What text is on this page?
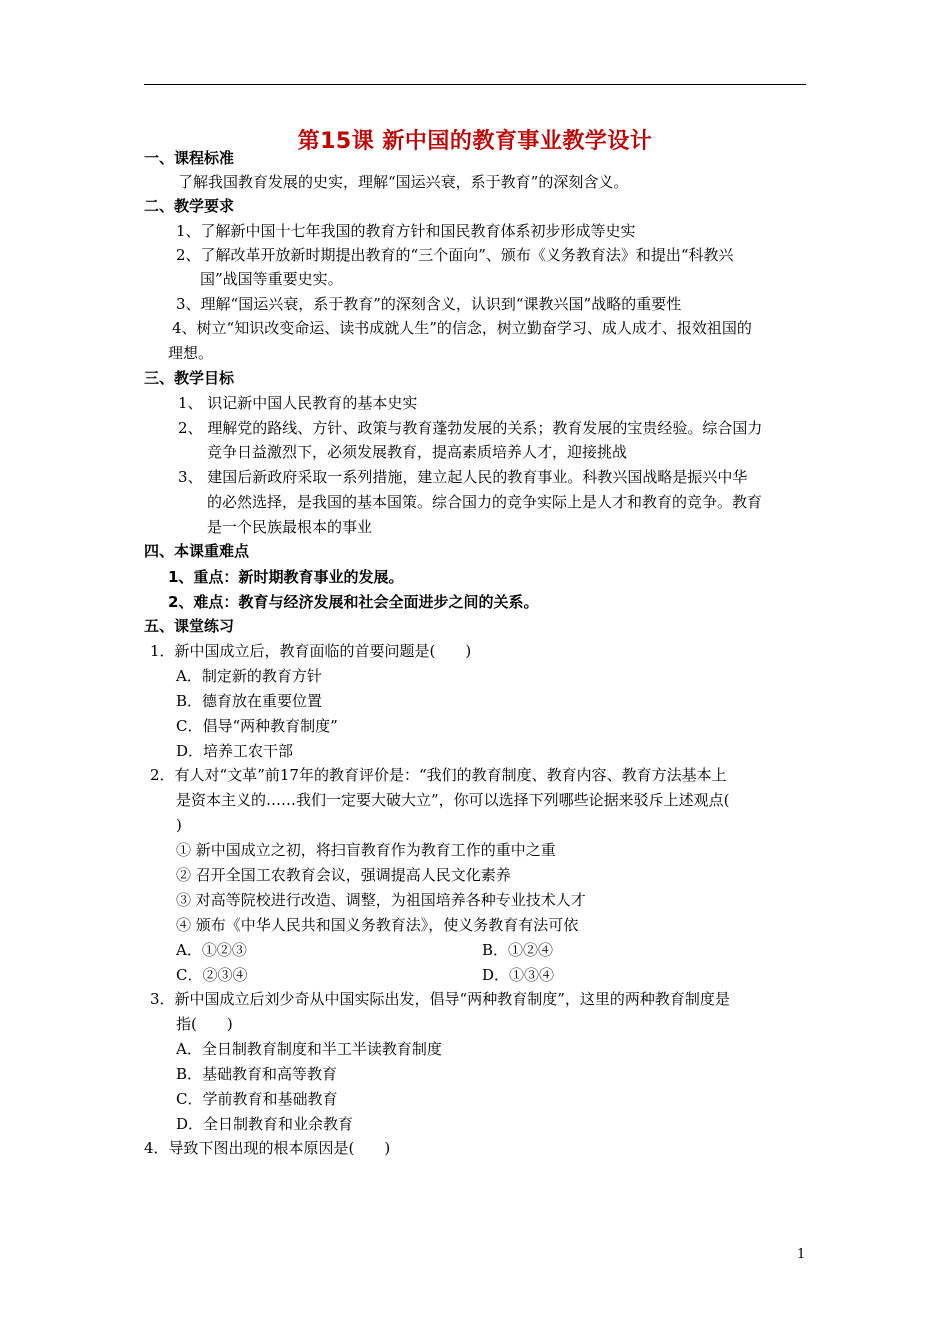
第15课 新中国的教育事业教学设计
一、课程标准
了解我国教育发展的史实，理解“国运兴衰，系于教育”的深刻含义。
二、教学要求
1、了解新中国十七年我国的教育方针和国民教育体系初步形成等史实
2、了解改革开放新时期提出教育的“三个面向”、颁布《义务教育法》和提出“科教兴
国”战国等重要史实。
3、理解“国运兴衰，系于教育”的深刻含义，认识到“课教兴国”战略的重要性
4、树立“知识改变命运、读书成就人生”的信念，树立勤奋学习、成人成才、报效祖国的
理想。
三、教学目标
1、 识记新中国人民教育的基本史实
2、 理解党的路线、方针、政策与教育蓬勃发展的关系；教育发展的宝贵经验。综合国力
竞争日益激烈下，必须发展教育，提高素质培养人才，迎接挑战
3、 建国后新政府采取一系列措施，建立起人民的教育事业。科教兴国战略是振兴中华
的必然选择，是我国的基本国策。综合国力的竞争实际上是人才和教育的竞争。教育
是一个民族最根本的事业
四、本课重难点
1、重点：新时期教育事业的发展。
2、难点：教育与经济发展和社会全面进步之间的关系。
五、课堂练习
1．新中国成立后，教育面临的首要问题是(　　)
A．制定新的教育方针
B．德育放在重要位置
C．倡导“两种教育制度”
D．培养工农干部
2．有人对“文革”前17年的教育评价是：“我们的教育制度、教育内容、教育方法基本上
是资本主义的……我们一定要大破大立”，你可以选择下列哪些论据来驳斥上述观点(
)
① 新中国成立之初，将扫盲教育作为教育工作的重中之重
② 召开全国工农教育会议，强调提高人民文化素养
③ 对高等院校进行改造、调整，为祖国培养各种专业技术人才
④ 颁布《中华人民共和国义务教育法》，使义务教育有法可依
A．①②③	B．①②④
C．②③④	D．①③④
3．新中国成立后刘少奇从中国实际出发，倡导“两种教育制度”，这里的两种教育制度是
指(　　)
A．全日制教育制度和半工半读教育制度
B．基础教育和高等教育
C．学前教育和基础教育
D．全日制教育和业余教育
4．导致下图出现的根本原因是(　　)
1
